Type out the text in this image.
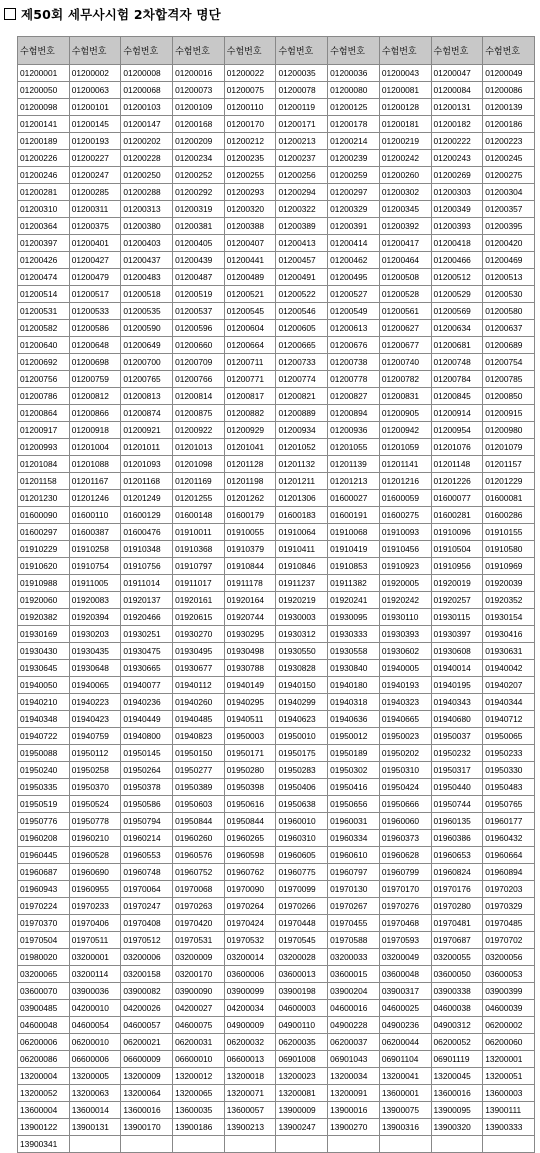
제50회 세무사시험 2차합격자 명단
수험번호	수험번호	수험번호	수험번호	수험번호	수험번호	수험번호	수험번호	수험번호	수험번호
01200001	01200002	01200008	01200016	01200022	01200035	01200036	01200043	01200047	01200049
01200050	01200063	01200068	01200073	01200075	01200078	01200080	01200081	01200084	01200086
01200098	01200101	01200103	01200109	01200110	01200119	01200125	01200128	01200131	01200139
01200141	01200145	01200147	01200168	01200170	01200171	01200178	01200181	01200182	01200186
01200189	01200193	01200202	01200209	01200212	01200213	01200214	01200219	01200222	01200223
01200226	01200227	01200228	01200234	01200235	01200237	01200239	01200242	01200243	01200245
01200246	01200247	01200250	01200252	01200255	01200256	01200259	01200260	01200269	01200275
01200281	01200285	01200288	01200292	01200293	01200294	01200297	01200302	01200303	01200304
01200310	01200311	01200313	01200319	01200320	01200322	01200329	01200345	01200349	01200357
01200364	01200375	01200380	01200381	01200388	01200389	01200391	01200392	01200393	01200395
01200397	01200401	01200403	01200405	01200407	01200413	01200414	01200417	01200418	01200420
01200426	01200427	01200437	01200439	01200441	01200457	01200462	01200464	01200466	01200469
01200474	01200479	01200483	01200487	01200489	01200491	01200495	01200508	01200512	01200513
01200514	01200517	01200518	01200519	01200521	01200522	01200527	01200528	01200529	01200530
01200531	01200533	01200535	01200537	01200545	01200546	01200549	01200561	01200569	01200580
01200582	01200586	01200590	01200596	01200604	01200605	01200613	01200627	01200634	01200637
01200640	01200648	01200649	01200660	01200664	01200665	01200676	01200677	01200681	01200689
01200692	01200698	01200700	01200709	01200711	01200733	01200738	01200740	01200748	01200754
01200756	01200759	01200765	01200766	01200771	01200774	01200778	01200782	01200784	01200785
01200786	01200812	01200813	01200814	01200817	01200821	01200827	01200831	01200845	01200850
01200864	01200866	01200874	01200875	01200882	01200889	01200894	01200905	01200914	01200915
01200917	01200918	01200921	01200922	01200929	01200934	01200936	01200942	01200954	01200980
01200993	01201004	01201011	01201013	01201041	01201052	01201055	01201059	01201076	01201079
01201084	01201088	01201093	01201098	01201128	01201132	01201139	01201141	01201148	01201157
01201158	01201167	01201168	01201169	01201198	01201211	01201213	01201216	01201226	01201229
01201230	01201246	01201249	01201255	01201262	01201306	01600027	01600059	01600077	01600081
01600090	01600110	01600129	01600148	01600179	01600183	01600191	01600275	01600281	01600286
01600297	01600387	01600476	01910011	01910055	01910064	01910068	01910093	01910096	01910155
01910229	01910258	01910348	01910368	01910379	01910411	01910419	01910456	01910504	01910580
01910620	01910754	01910756	01910797	01910844	01910846	01910853	01910923	01910956	01910969
01910988	01911005	01911014	01911017	01911178	01911237	01911382	01920005	01920019	01920039
01920060	01920083	01920137	01920161	01920164	01920219	01920241	01920242	01920257	01920352
01920382	01920394	01920466	01920615	01920744	01930003	01930095	01930110	01930115	01930154
01930169	01930203	01930251	01930270	01930295	01930312	01930333	01930393	01930397	01930416
01930430	01930435	01930475	01930495	01930498	01930550	01930558	01930602	01930608	01930631
01930645	01930648	01930665	01930677	01930788	01930828	01930840	01940005	01940014	01940042
01940050	01940065	01940077	01940112	01940149	01940150	01940180	01940193	01940195	01940207
01940210	01940223	01940236	01940260	01940295	01940299	01940318	01940323	01940343	01940344
01940348	01940423	01940449	01940485	01940511	01940623	01940636	01940665	01940680	01940712
01940722	01940759	01940800	01940823	01950003	01950010	01950012	01950023	01950037	01950065
01950088	01950112	01950145	01950150	01950171	01950175	01950189	01950202	01950232	01950233
01950240	01950258	01950264	01950277	01950280	01950283	01950302	01950310	01950317	01950330
01950335	01950370	01950378	01950389	01950398	01950406	01950416	01950424	01950440	01950483
01950519	01950524	01950586	01950603	01950616	01950638	01950656	01950666	01950744	01950765
01950776	01950778	01950794	01950844	01950844	01960010	01960031	01960060	01960135	01960177
01960208	01960210	01960214	01960260	01960265	01960310	01960334	01960373	01960386	01960432
01960445	01960528	01960553	01960576	01960598	01960605	01960610	01960628	01960653	01960664
01960687	01960690	01960748	01960752	01960762	01960775	01960797	01960799	01960824	01960894
01960943	01960955	01970064	01970068	01970090	01970099	01970130	01970170	01970176	01970203
01970224	01970233	01970247	01970263	01970264	01970266	01970267	01970276	01970280	01970329
01970370	01970406	01970408	01970420	01970424	01970448	01970455	01970468	01970481	01970485
01970504	01970511	01970512	01970531	01970532	01970545	01970588	01970593	01970687	01970702
01980020	03200001	03200006	03200009	03200014	03200028	03200033	03200049	03200055	03200056
03200065	03200114	03200158	03200170	03600006	03600013	03600015	03600048	03600050	03600053
03600070	03900036	03900082	03900090	03900099	03900198	03900204	03900317	03900338	03900399
03900485	04200010	04200026	04200027	04200034	04600003	04600016	04600025	04600038	04600039
04600048	04600054	04600057	04600075	04900009	04900110	04900228	04900236	04900312	06200002
06200006	06200010	06200021	06200031	06200032	06200035	06200037	06200044	06200052	06200060
06200086	06600006	06600009	06600010	06600013	06901008	06901043	06901104	06901119	13200001
13200004	13200005	13200009	13200012	13200018	13200023	13200034	13200041	13200045	13200051
13200052	13200063	13200064	13200065	13200071	13200081	13200091	13600001	13600016	13600003
13600004	13600014	13600016	13600035	13600057	13900009	13900016	13900075	13900095	13900111
13900122	13900131	13900170	13900186	13900213	13900247	13900270	13900316	13900320	13900333
13900341									
